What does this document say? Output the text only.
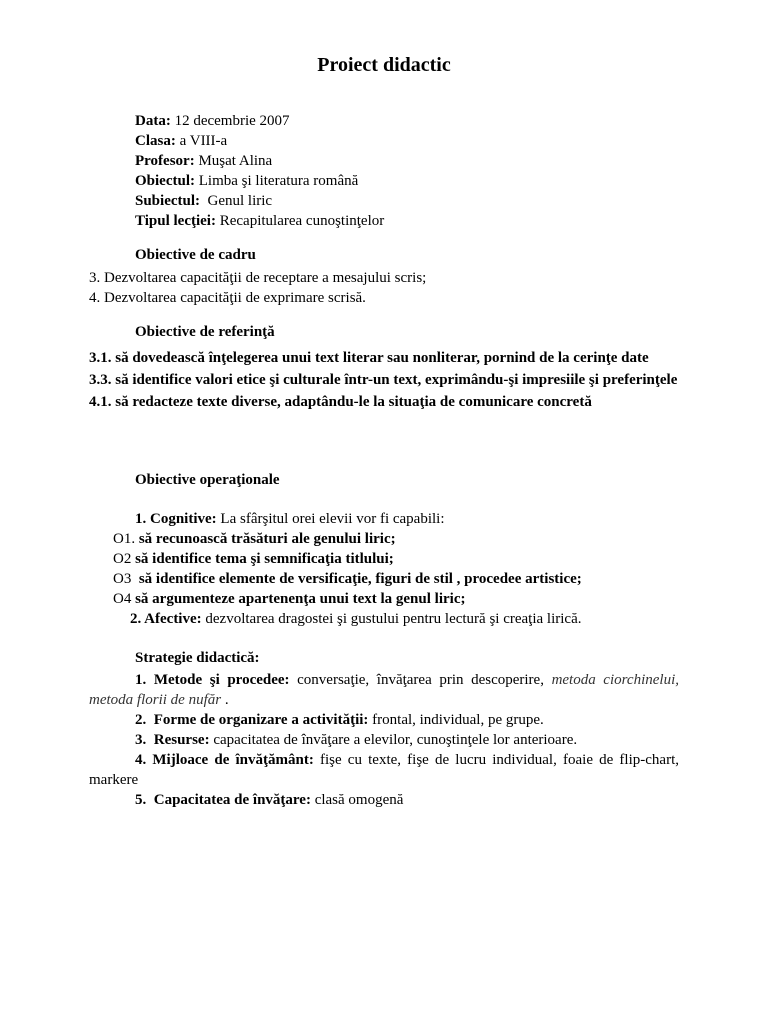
Proiect didactic
Data: 12 decembrie 2007
Clasa: a VIII-a
Profesor: Muşat Alina
Obiectul: Limba şi literatura română
Subiectul:  Genul liric
Tipul lecţiei: Recapitularea cunoştinţelor
Obiective de cadru
3. Dezvoltarea capacităţii de receptare a mesajului scris;
4. Dezvoltarea capacităţii de exprimare scrisă.
Obiective de referinţă
3.1. să dovedească înţelegerea unui text literar sau nonliterar, pornind de la cerinţe date
3.3. să identifice valori etice şi culturale într-un text, exprimându-şi impresiile şi preferinţele
4.1. să redacteze texte diverse, adaptându-le la situaţia de comunicare concretă
Obiective operaţionale
1. Cognitive: La sfârşitul orei elevii vor fi capabili:
O1. să recunoască trăsături ale genului liric;
O2 să identifice tema şi semnificaţia titlului;
O3  să identifice elemente de versificaţie, figuri de stil , procedee artistice;
O4 să argumenteze apartenenţa unui text la genul liric;
2. Afective: dezvoltarea dragostei şi gustului pentru lectură şi creaţia lirică.
Strategie didactică:
1. Metode şi procedee: conversaţie, învăţarea prin descoperire, metoda ciorchinelui, metoda florii de nufăr .
2.  Forme de organizare a activităţii: frontal, individual, pe grupe.
3.  Resurse: capacitatea de învăţare a elevilor, cunoştinţele lor anterioare.
4. Mijloace de învăţământ: fişe cu texte, fişe de lucru individual, foaie de flip-chart, markere
5.  Capacitatea de învăţare: clasă omogenă
